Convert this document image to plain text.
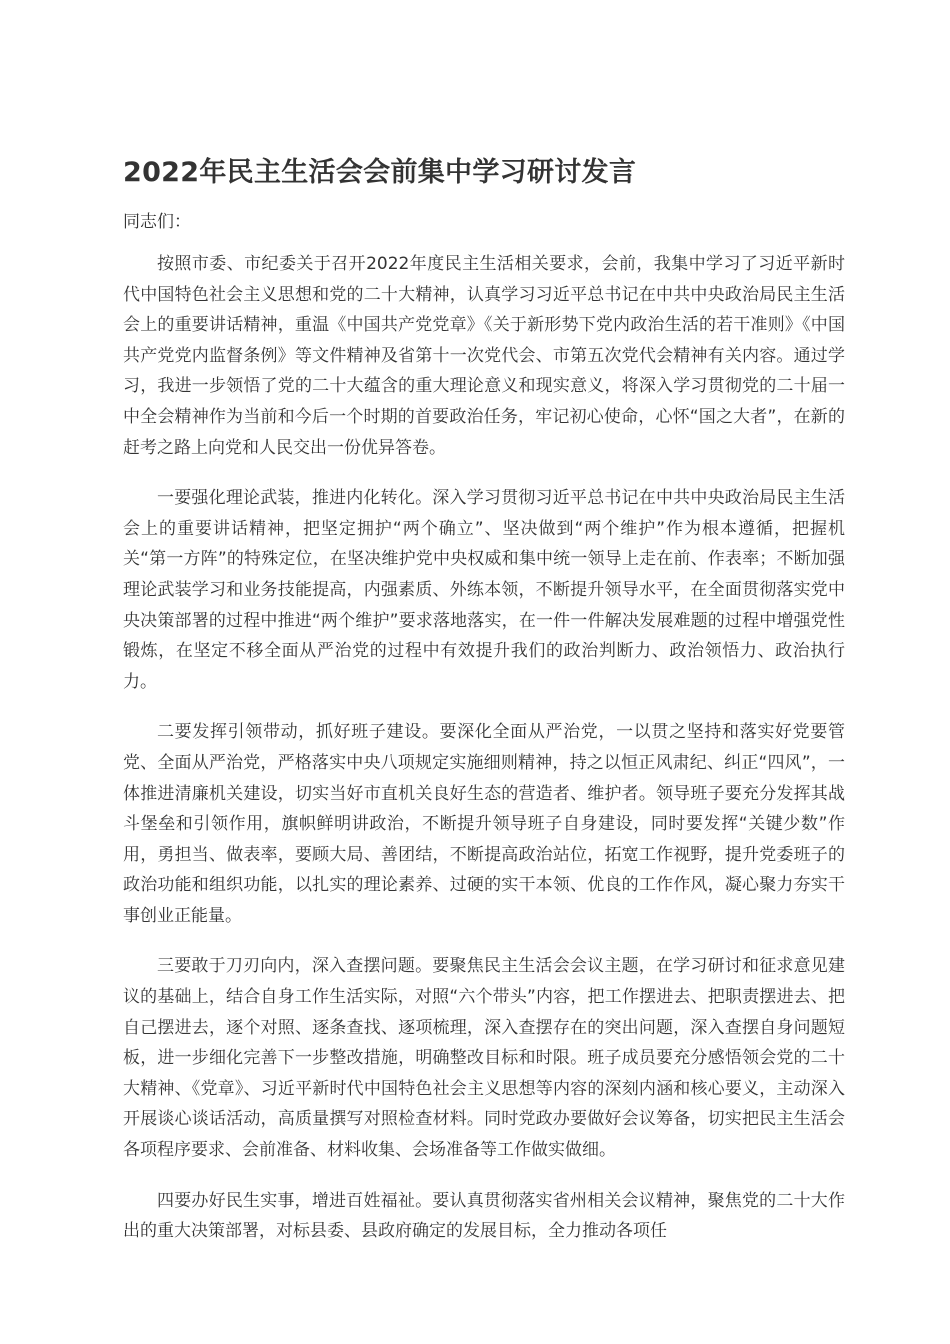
2022年民主生活会会前集中学习研讨发言

同志们：

按照市委、市纪委关于召开2022年度民主生活相关要求，会前，我集中学习了习近平新时代中国特色社会主义思想和党的二十大精神，认真学习习近平总书记在中共中央政治局民主生活会上的重要讲话精神，重温《中国共产党党章》《关于新形势下党内政治生活的若干准则》《中国共产党党内监督条例》等文件精神及省第十一次党代会、市第五次党代会精神有关内容。通过学习，我进一步领悟了党的二十大蕴含的重大理论意义和现实意义，将深入学习贯彻党的二十届一中全会精神作为当前和今后一个时期的首要政治任务，牢记初心使命，心怀“国之大者”，在新的赶考之路上向党和人民交出一份优异答卷。

一要强化理论武装，推进内化转化。深入学习贯彻习近平总书记在中共中央政治局民主生活会上的重要讲话精神，把坚定拥护“两个确立”、坚决做到“两个维护”作为根本遵循，把握机关“第一方阵”的特殊定位，在坚决维护党中央权威和集中统一领导上走在前、作表率；不断加强理论武装学习和业务技能提高，内强素质、外练本领，不断提升领导水平，在全面贯彻落实党中央决策部署的过程中推进“两个维护”要求落地落实，在一件一件解决发展难题的过程中增强党性锻炼，在坚定不移全面从严治党的过程中有效提升我们的政治判断力、政治领悟力、政治执行力。

二要发挥引领带动，抓好班子建设。要深化全面从严治党，一以贯之坚持和落实好党要管党、全面从严治党，严格落实中央八项规定实施细则精神，持之以恒正风肃纪、纠正“四风”，一体推进清廉机关建设，切实当好市直机关良好生态的营造者、维护者。领导班子要充分发挥其战斗堡垒和引领作用，旗帜鲜明讲政治，不断提升领导班子自身建设，同时要发挥“关键少数”作用，勇担当、做表率，要顾大局、善团结，不断提高政治站位，拓宽工作视野，提升党委班子的政治功能和组织功能，以扎实的理论素养、过硬的实干本领、优良的工作作风，凝心聚力夯实干事创业正能量。

三要敢于刀刃向内，深入查摆问题。要聚焦民主生活会会议主题，在学习研讨和征求意见建议的基础上，结合自身工作生活实际，对照“六个带头”内容，把工作摆进去、把职责摆进去、把自己摆进去，逐个对照、逐条查找、逐项梳理，深入查摆存在的突出问题，深入查摆自身问题短板，进一步细化完善下一步整改措施，明确整改目标和时限。班子成员要充分感悟领会党的二十大精神、《党章》、习近平新时代中国特色社会主义思想等内容的深刻内涵和核心要义，主动深入开展谈心谈话活动，高质量撰写对照检查材料。同时党政办要做好会议筹备，切实把民主生活会各项程序要求、会前准备、材料收集、会场准备等工作做实做细。

四要办好民生实事，增进百姓福祉。要认真贯彻落实省州相关会议精神，聚焦党的二十大作出的重大决策部署，对标县委、县政府确定的发展目标，全力推动各项任
